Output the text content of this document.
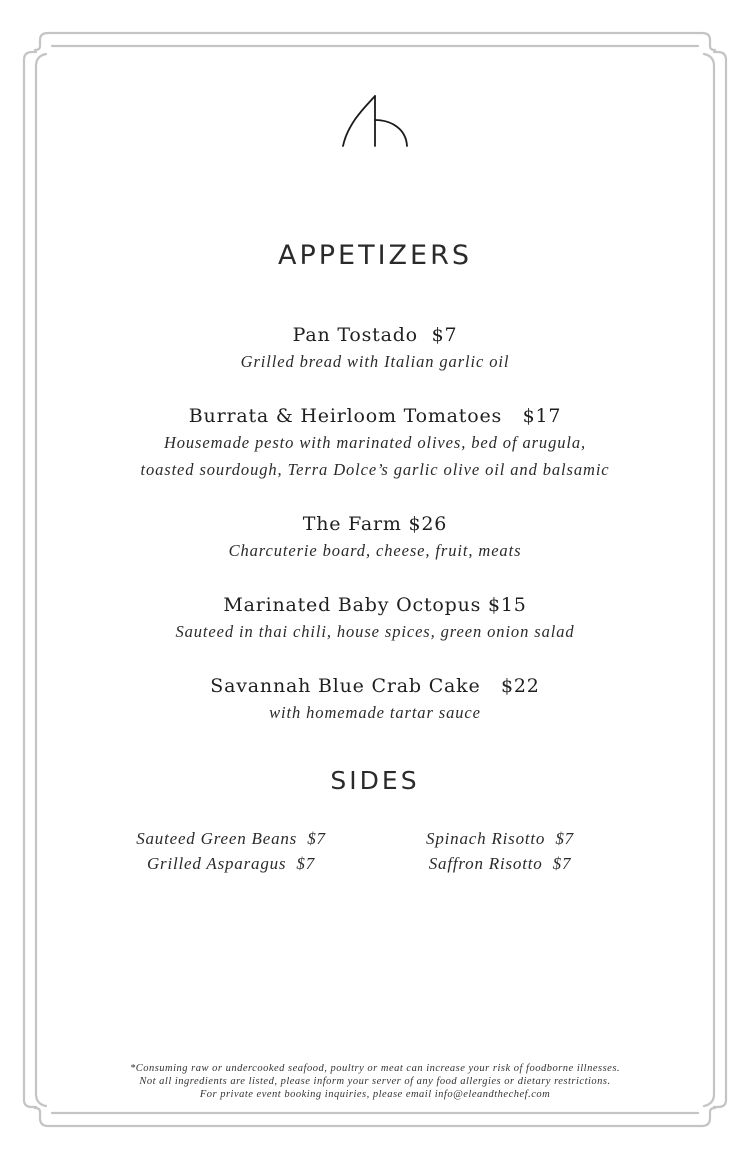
APPETIZERS
Pan Tostado  $7
Grilled bread with Italian garlic oil
Burrata & Heirloom Tomatoes   $17
Housemade pesto with marinated olives, bed of arugula,
toasted sourdough, Terra Dolce’s garlic olive oil and balsamic
The Farm $26
Charcuterie board, cheese, fruit, meats
Marinated Baby Octopus $15
Sauteed in thai chili, house spices, green onion salad
Savannah Blue Crab Cake   $22
with homemade tartar sauce
SIDES
Sauteed Green Beans  $7
Grilled Asparagus  $7
Spinach Risotto  $7
Saffron Risotto  $7
*Consuming raw or undercooked seafood, poultry or meat can increase your risk of foodborne illnesses.
Not all ingredients are listed, please inform your server of any food allergies or dietary restrictions.
For private event booking inquiries, please email info@eleandthechef.com
